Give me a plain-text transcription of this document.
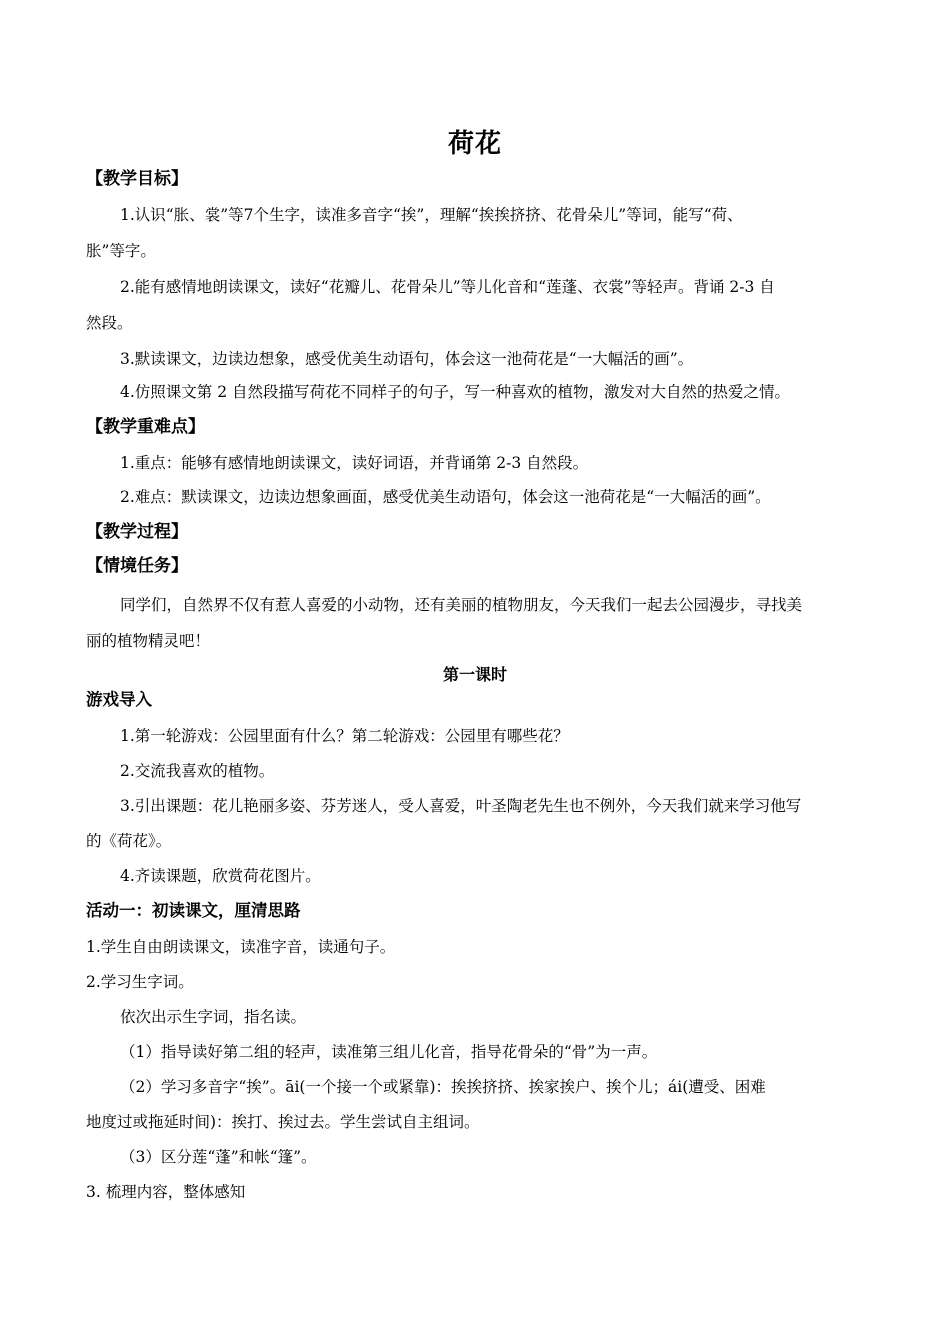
荷花
【教学目标】
1.认识“胀、裳”等7个生字，读准多音字“挨”，理解“挨挨挤挤、花骨朵儿”等词，能写“荷、
胀”等字。
2.能有感情地朗读课文，读好“花瓣儿、花骨朵儿”等儿化音和“莲蓬、衣裳”等轻声。背诵 2-3 自
然段。
3.默读课文，边读边想象，感受优美生动语句，体会这一池荷花是“一大幅活的画”。
4.仿照课文第 2 自然段描写荷花不同样子的句子，写一种喜欢的植物，激发对大自然的热爱之情。
【教学重难点】
1.重点：能够有感情地朗读课文，读好词语，并背诵第 2-3 自然段。
2.难点：默读课文，边读边想象画面，感受优美生动语句，体会这一池荷花是“一大幅活的画”。
【教学过程】
【情境任务】
同学们，自然界不仅有惹人喜爱的小动物，还有美丽的植物朋友，今天我们一起去公园漫步，寻找美
丽的植物精灵吧！
第一课时
游戏导入
1.第一轮游戏：公园里面有什么？第二轮游戏：公园里有哪些花？
2.交流我喜欢的植物。
3.引出课题：花儿艳丽多姿、芬芳迷人，受人喜爱，叶圣陶老先生也不例外，今天我们就来学习他写
的《荷花》。
4.齐读课题，欣赏荷花图片。
活动一：初读课文，厘清思路
1.学生自由朗读课文，读准字音，读通句子。
2.学习生字词。
依次出示生字词，指名读。
（1）指导读好第二组的轻声，读准第三组儿化音，指导花骨朵的“骨”为一声。
（2）学习多音字“挨”。āi(一个接一个或紧靠)：挨挨挤挤、挨家挨户、挨个儿；ái(遭受、困难
地度过或拖延时间)：挨打、挨过去。学生尝试自主组词。
（3）区分莲“蓬”和帐“篷”。
3. 梳理内容，整体感知
